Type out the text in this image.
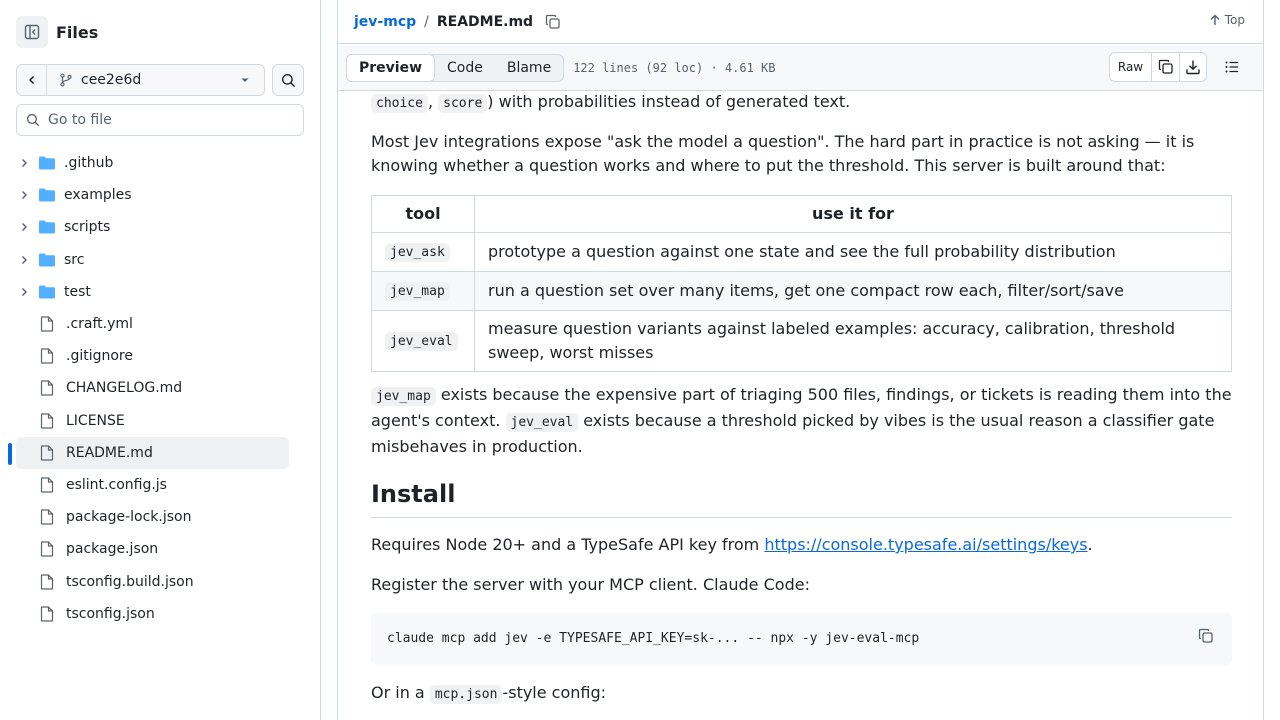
Files
cee2e6d
Go to file
.github
examples
scripts
src
test
.craft.yml
.gitignore
CHANGELOG.md
LICENSE
README.md
eslint.config.js
package-lock.json
package.json
tsconfig.build.json
tsconfig.json
jev-mcp / README.md	Top
Preview	Code	Blame	122 lines (92 loc) · 4.61 KB	Raw

choice , score ) with probabilities instead of generated text.

Most Jev integrations expose "ask the model a question". The hard part in practice is not asking — it is knowing whether a question works and where to put the threshold. This server is built around that:

tool	use it for
jev_ask	prototype a question against one state and see the full probability distribution
jev_map	run a question set over many items, get one compact row each, filter/sort/save
jev_eval	measure question variants against labeled examples: accuracy, calibration, threshold sweep, worst misses

jev_map exists because the expensive part of triaging 500 files, findings, or tickets is reading them into the agent's context. jev_eval exists because a threshold picked by vibes is the usual reason a classifier gate misbehaves in production.

Install

Requires Node 20+ and a TypeSafe API key from https://console.typesafe.ai/settings/keys.

Register the server with your MCP client. Claude Code:

claude mcp add jev -e TYPESAFE_API_KEY=sk-... -- npx -y jev-eval-mcp

Or in a mcp.json -style config:
